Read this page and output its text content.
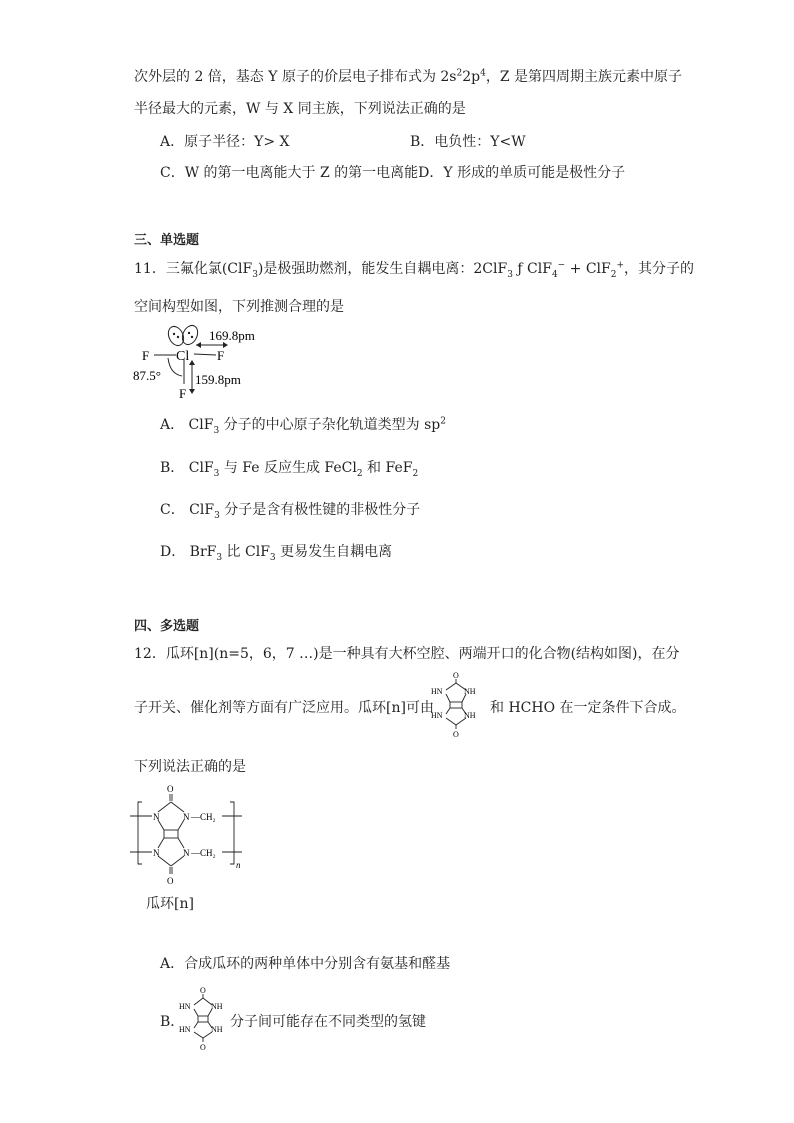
次外层的 2 倍，基态 Y 原子的价层电子排布式为 $2s^22p^4$，Z 是第四周期主族元素中原子
半径最大的元素，W 与 X 同主族，下列说法正确的是
A．原子半径：Y> X	B．电负性：Y<W
C．W 的第一电离能大于 Z 的第一电离能D．Y 形成的单质可能是极性分子
三、单选题
11．三氟化氯(ClF$_3$)是极强助燃剂，能发生自耦电离：2ClF$_3$ ƒ ClF$_4$− + ClF$_2$+，其分子的
空间构型如图，下列推测合理的是
Cl
F	F
F
169.8pm
159.8pm
87.5°
A． ClF$_3$ 分子的中心原子杂化轨道类型为 $sp^2$
B． ClF$_3$ 与 Fe 反应生成 FeCl$_2$ 和 FeF$_2$
C． ClF$_3$ 分子是含有极性键的非极性分子
D． BrF$_3$ 比 ClF$_3$ 更易发生自耦电离
四、多选题
12．瓜环[n](n=5，6，7 …)是一种具有大杯空腔、两端开口的化合物(结构如图)，在分
子开关、催化剂等方面有广泛应用。瓜环[n]可由
O
HN	NH
HN	NH
O
和 HCHO 在一定条件下合成。
下列说法正确的是
O
N	N —CH₂
N	N —CH₂
n
O
瓜环[n]
A．合成瓜环的两种单体中分别含有氨基和醛基
B．
O
HN	NH
HN	NH
O
分子间可能存在不同类型的氢键
